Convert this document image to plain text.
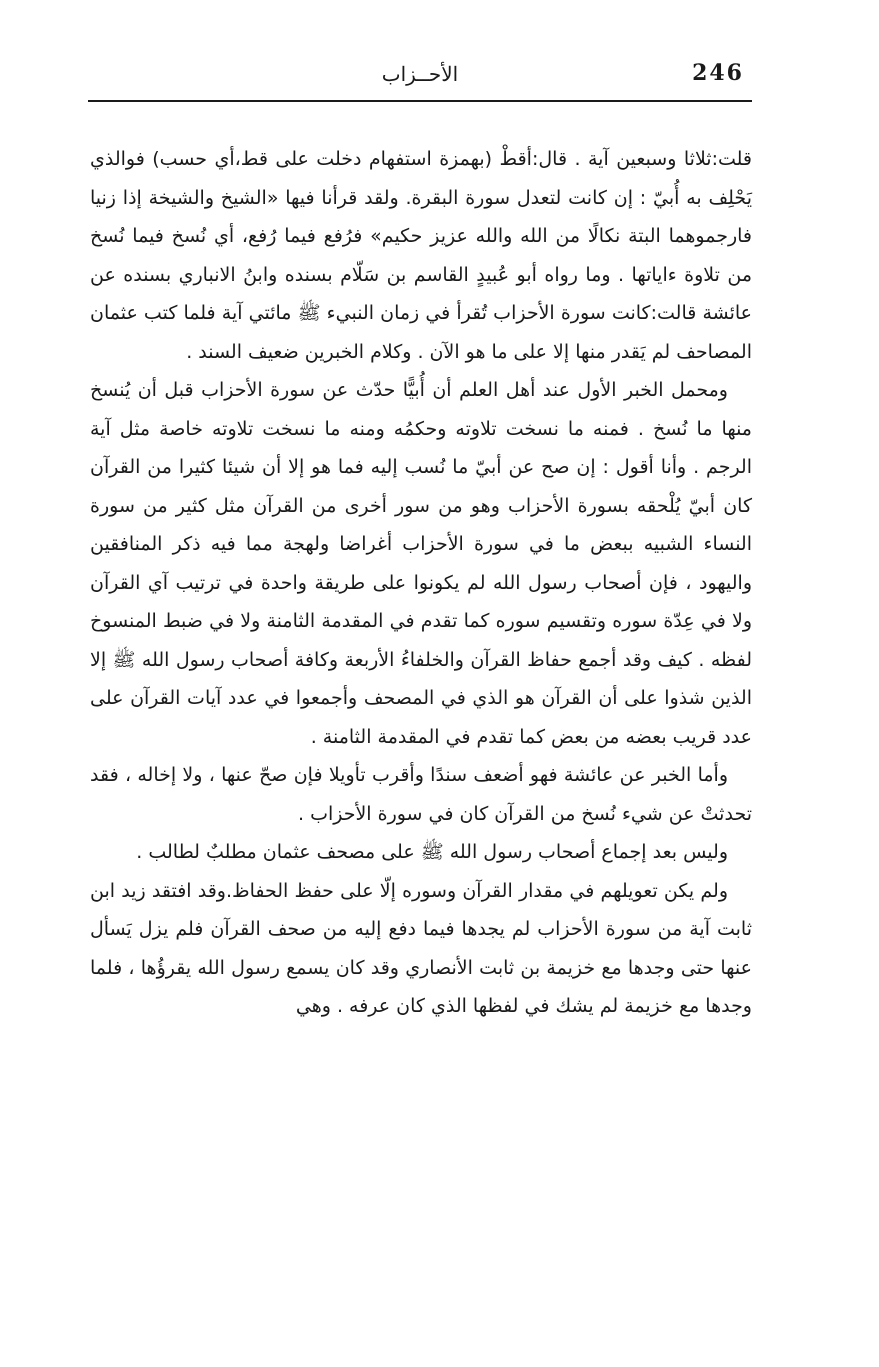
246
الأحــزاب

قلت:ثلاثا وسبعين آية . قال:أقطْ (بهمزة استفهام دخلت على قط،أي حسب) فوالذي يَحْلِف به أُبيّ : إن كانت لتعدل سورة البقرة. ولقد قرأنا فيها «الشيخ والشيخة إذا زنيا فارجموهما البتة نكالًا من الله والله عزيز حكيم» فرُفع فيما رُفع، أي نُسخ فيما نُسخ من تلاوة ءاياتها . وما رواه أبو عُبيدٍ القاسم بن سَلّام بسنده وابنُ الانباري بسنده عن عائشة قالت:كانت سورة الأحزاب تُقرأ في زمان النبيء ﷺ مائتي آية فلما كتب عثمان المصاحف لم يَقدر منها إلا على ما هو الآن . وكلام الخبرين ضعيف السند .

ومحمل الخبر الأول عند أهل العلم أن أُبيًّا حدّث عن سورة الأحزاب قبل أن يُنسخ منها ما نُسخ . فمنه ما نسخت تلاوته وحكمُه ومنه ما نسخت تلاوته خاصة مثل آية الرجم . وأنا أقول : إن صح عن أبيّ ما نُسب إليه فما هو إلا أن شيئا كثيرا من القرآن كان أبيّ يُلْحقه بسورة الأحزاب وهو من سور أخرى من القرآن مثل كثير من سورة النساء الشبيه ببعض ما في سورة الأحزاب أغراضا ولهجة مما فيه ذكر المنافقين واليهود ، فإن أصحاب رسول الله لم يكونوا على طريقة واحدة في ترتيب آي القرآن ولا في عِدّة سوره وتقسيم سوره كما تقدم في المقدمة الثامنة ولا في ضبط المنسوخ لفظه . كيف وقد أجمع حفاظ القرآن والخلفاءُ الأربعة وكافة أصحاب رسول الله ﷺ إلا الذين شذوا على أن القرآن هو الذي في المصحف وأجمعوا في عدد آيات القرآن على عدد قريب بعضه من بعض كما تقدم في المقدمة الثامنة .

وأما الخبر عن عائشة فهو أضعف سندًا وأقرب تأويلا فإن صحّ عنها ، ولا إخاله ، فقد تحدثتْ عن شيء نُسخ من القرآن كان في سورة الأحزاب .

وليس بعد إجماع أصحاب رسول الله ﷺ على مصحف عثمان مطلبٌ لطالب .

ولم يكن تعويلهم في مقدار القرآن وسوره إلّا على حفظ الحفاظ.وقد افتقد زيد ابن ثابت آية من سورة الأحزاب لم يجدها فيما دفع إليه من صحف القرآن فلم يزل يَسأل عنها حتى وجدها مع خزيمة بن ثابت الأنصاري وقد كان يسمع رسول الله يقرؤُها ، فلما وجدها مع خزيمة لم يشك في لفظها الذي كان عرفه . وهي
